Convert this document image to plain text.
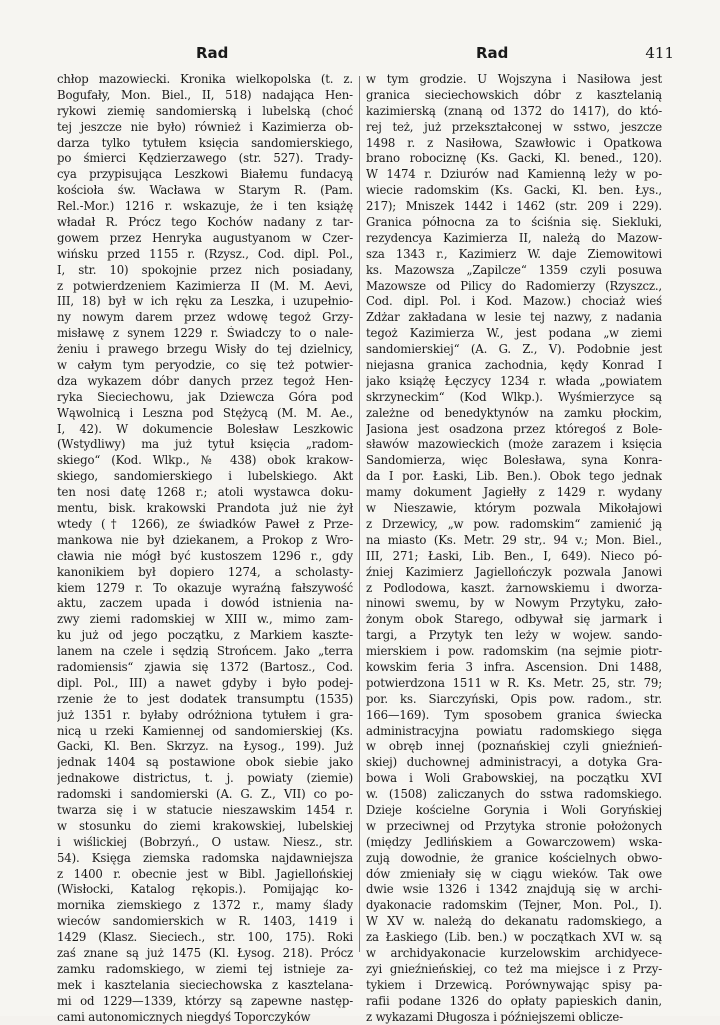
Rad	Rad	411
chłop mazowiecki. Kronika wielkopolska (t. z.
Bogufały, Mon. Biel., II, 518) nadająca Hen-
rykowi ziemię sandomierską i lubelską (choć
tej jeszcze nie było) również i Kazimierza ob-
darza tylko tytułem księcia sandomierskiego,
po śmierci Kędzierzawego (str. 527). Trady-
cya przypisująca Leszkowi Białemu fundacyą
kościoła św. Wacława w Starym R. (Pam.
Rel.-Mor.) 1216 r. wskazuje, że i ten książę
władał R. Prócz tego Kochów nadany z tar-
gowem przez Henryka augustyanom w Czer-
wińsku przed 1155 r. (Rzysz., Cod. dipl. Pol.,
I, str. 10) spokojnie przez nich posiadany,
z potwierdzeniem Kazimierza II (M. M. Aevi,
III, 18) był w ich ręku za Leszka, i uzupełnio-
ny nowym darem przez wdowę tegoż Grzy-
misławę z synem 1229 r. Świadczy to o nale-
żeniu i prawego brzegu Wisły do tej dzielnicy,
w całym tym peryodzie, co się też potwier-
dza wykazem dóbr danych przez tegoż Hen-
ryka Sieciechowu, jak Dziewcza Góra pod
Wąwolnicą i Leszna pod Stężycą (M. M. Ae.,
I, 42). W dokumencie Bolesław Leszkowic
(Wstydliwy) ma już tytuł księcia „radom-
skiego“ (Kod. Wlkp., № 438) obok krakow-
skiego, sandomierskiego i lubelskiego. Akt
ten nosi datę 1268 r.; atoli wystawca doku-
mentu, bisk. krakowski Prandota już nie żył
wtedy († 1266), ze świadków Paweł z Prze-
mankowa nie był dziekanem, a Prokop z Wro-
cławia nie mógł być kustoszem 1296 r., gdy
kanonikiem był dopiero 1274, a scholasty-
kiem 1279 r. To okazuje wyraźną fałszywość
aktu, zaczem upada i dowód istnienia na-
zwy ziemi radomskiej w XIII w., mimo zam-
ku już od jego początku, z Markiem kaszte-
lanem na czele i sędzią Strońcem. Jako „terra
radomiensis“ zjawia się 1372 (Bartosz., Cod.
dipl. Pol., III) a nawet gdyby i było podej-
rzenie że to jest dodatek transumptu (1535)
już 1351 r. byłaby odróżniona tytułem i gra-
nicą u rzeki Kamiennej od sandomierskiej (Ks.
Gacki, Kl. Ben. Skrzyz. na Łysog., 199). Już
jednak 1404 są postawione obok siebie jako
jednakowe districtus, t. j. powiaty (ziemie)
radomski i sandomierski (A. G. Z., VII) co po-
twarza się i w statucie nieszawskim 1454 r.
w stosunku do ziemi krakowskiej, lubelskiej
i wiślickiej (Bobrzyń., O ustaw. Niesz., str.
54). Księga ziemska radomska najdawniejsza
z 1400 r. obecnie jest w Bibl. Jagiellońskiej
(Wisłocki, Katalog rękopis.). Pomijając ko-
mornika ziemskiego z 1372 r., mamy ślady
wieców sandomierskich w R. 1403, 1419 i
1429 (Klasz. Sieciech., str. 100, 175). Roki
zaś znane są już 1475 (Kl. Łysog. 218). Prócz
zamku radomskiego, w ziemi tej istnieje za-
mek i kasztelania sieciechowska z kasztelana-
mi od 1229—1339, którzy są zapewne następ-
cami autonomicznych niegdyś Toporczyków
w tym grodzie. U Wojszyna i Nasiłowa jest
granica sieciechowskich dóbr z kasztelanią
kazimierską (znaną od 1372 do 1417), do któ-
rej też, już przekształconej w sstwo, jeszcze
1498 r. z Nasiłowa, Szawłowic i Opatkowa
brano robociznę (Ks. Gacki, Kl. bened., 120).
W 1474 r. Dziurów nad Kamienną leży w po-
wiecie radomskim (Ks. Gacki, Kl. ben. Łys.,
217); Mniszek 1442 i 1462 (str. 209 i 229).
Granica północna za to ściśnia się. Siekluki,
rezydencya Kazimierza II, należą do Mazow-
sza 1343 r., Kazimierz W. daje Ziemowitowi
ks. Mazowsza „Zapilcze“ 1359 czyli posuwa
Mazowsze od Pilicy do Radomierzy (Rzyszcz.,
Cod. dipl. Pol. i Kod. Mazow.) chociaż wieś
Zdżar zakładana w lesie tej nazwy, z nadania
tegoż Kazimierza W., jest podana „w ziemi
sandomierskiej“ (A. G. Z., V). Podobnie jest
niejasna granica zachodnia, kędy Konrad I
jako książę Łęczycy 1234 r. włada „powiatem
skrzyneckim“ (Kod Wlkp.). Wyśmierzyce są
zależne od benedyktynów na zamku płockim,
Jasiona jest osadzona przez któregoś z Bole-
sławów mazowieckich (może zarazem i księcia
Sandomierza, więc Bolesława, syna Konra-
da I por. Łaski, Lib. Ben.). Obok tego jednak
mamy dokument Jagiełły z 1429 r. wydany
w Nieszawie, którym pozwala Mikołajowi
z Drzewicy, „w pow. radomskim“ zamienić ją
na miasto (Ks. Metr. 29 str,. 94 v.; Mon. Biel.,
III, 271; Łaski, Lib. Ben., I, 649). Nieco pó-
źniej Kazimierz Jagiellończyk pozwala Janowi
z Podlodowa, kaszt. żarnowskiemu i dworza-
ninowi swemu, by w Nowym Przytyku, zało-
żonym obok Starego, odbywał się jarmark i
targi, a Przytyk ten leży w wojew. sando-
mierskiem i pow. radomskim (na sejmie piotr-
kowskim feria 3 infra. Ascension. Dni 1488,
potwierdzona 1511 w R. Ks. Metr. 25, str. 79;
por. ks. Siarczyński, Opis pow. radom., str.
166—169). Tym sposobem granica świecka
administracyjna powiatu radomskiego sięga
w obręb innej (poznańskiej czyli gnieźnień-
skiej) duchownej administracyi, a dotyka Gra-
bowa i Woli Grabowskiej, na początku XVI
w. (1508) zaliczanych do sstwa radomskiego.
Dzieje kościelne Gorynia i Woli Goryńskiej
w przeciwnej od Przytyka stronie położonych
(między Jedlińskiem a Gowarczowem) wska-
zują dowodnie, że granice kościelnych obwo-
dów zmieniały się w ciągu wieków. Tak owe
dwie wsie 1326 i 1342 znajdują się w archi-
dyakonacie radomskim (Tejner, Mon. Pol., I).
W XV w. należą do dekanatu radomskiego, a
za Łaskiego (Lib. ben.) w początkach XVI w. są
w archidyakonacie kurzelowskim archidyece-
zyi gnieźnieńskiej, co też ma miejsce i z Przy-
tykiem i Drzewicą. Porównywając spisy pa-
rafii podane 1326 do opłaty papieskich danin,
z wykazami Długosza i późniejszemi oblicze-
